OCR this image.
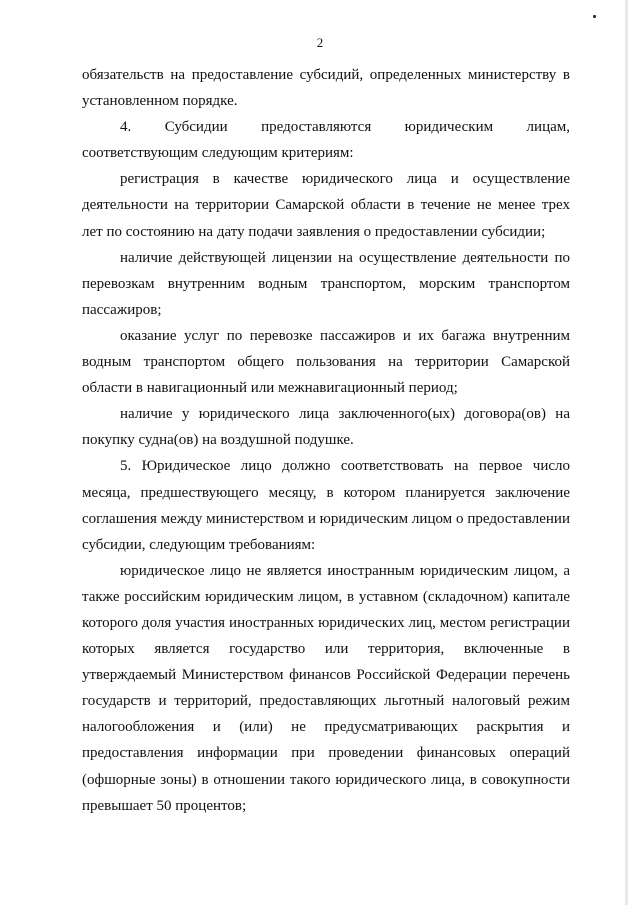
2

обязательств на предоставление субсидий, определенных министерству в установленном порядке.

4. Субсидии предоставляются юридическим лицам, соответствующим следующим критериям:

регистрация в качестве юридического лица и осуществление деятельности на территории Самарской области в течение не менее трех лет по состоянию на дату подачи заявления о предоставлении субсидии;

наличие действующей лицензии на осуществление деятельности по перевозкам внутренним водным транспортом, морским транспортом пассажиров;

оказание услуг по перевозке пассажиров и их багажа внутренним водным транспортом общего пользования на территории Самарской области в навигационный или межнавигационный период;

наличие у юридического лица заключенного(ых) договора(ов) на покупку судна(ов) на воздушной подушке.

5. Юридическое лицо должно соответствовать на первое число месяца, предшествующего месяцу, в котором планируется заключение соглашения между министерством и юридическим лицом о предоставлении субсидии, следующим требованиям:

юридическое лицо не является иностранным юридическим лицом, а также российским юридическим лицом, в уставном (складочном) капитале которого доля участия иностранных юридических лиц, местом регистрации которых является государство или территория, включенные в утверждаемый Министерством финансов Российской Федерации перечень государств и территорий, предоставляющих льготный налоговый режим налогообложения и (или) не предусматривающих раскрытия и предоставления информации при проведении финансовых операций (офшорные зоны) в отношении такого юридического лица, в совокупности превышает 50 процентов;
